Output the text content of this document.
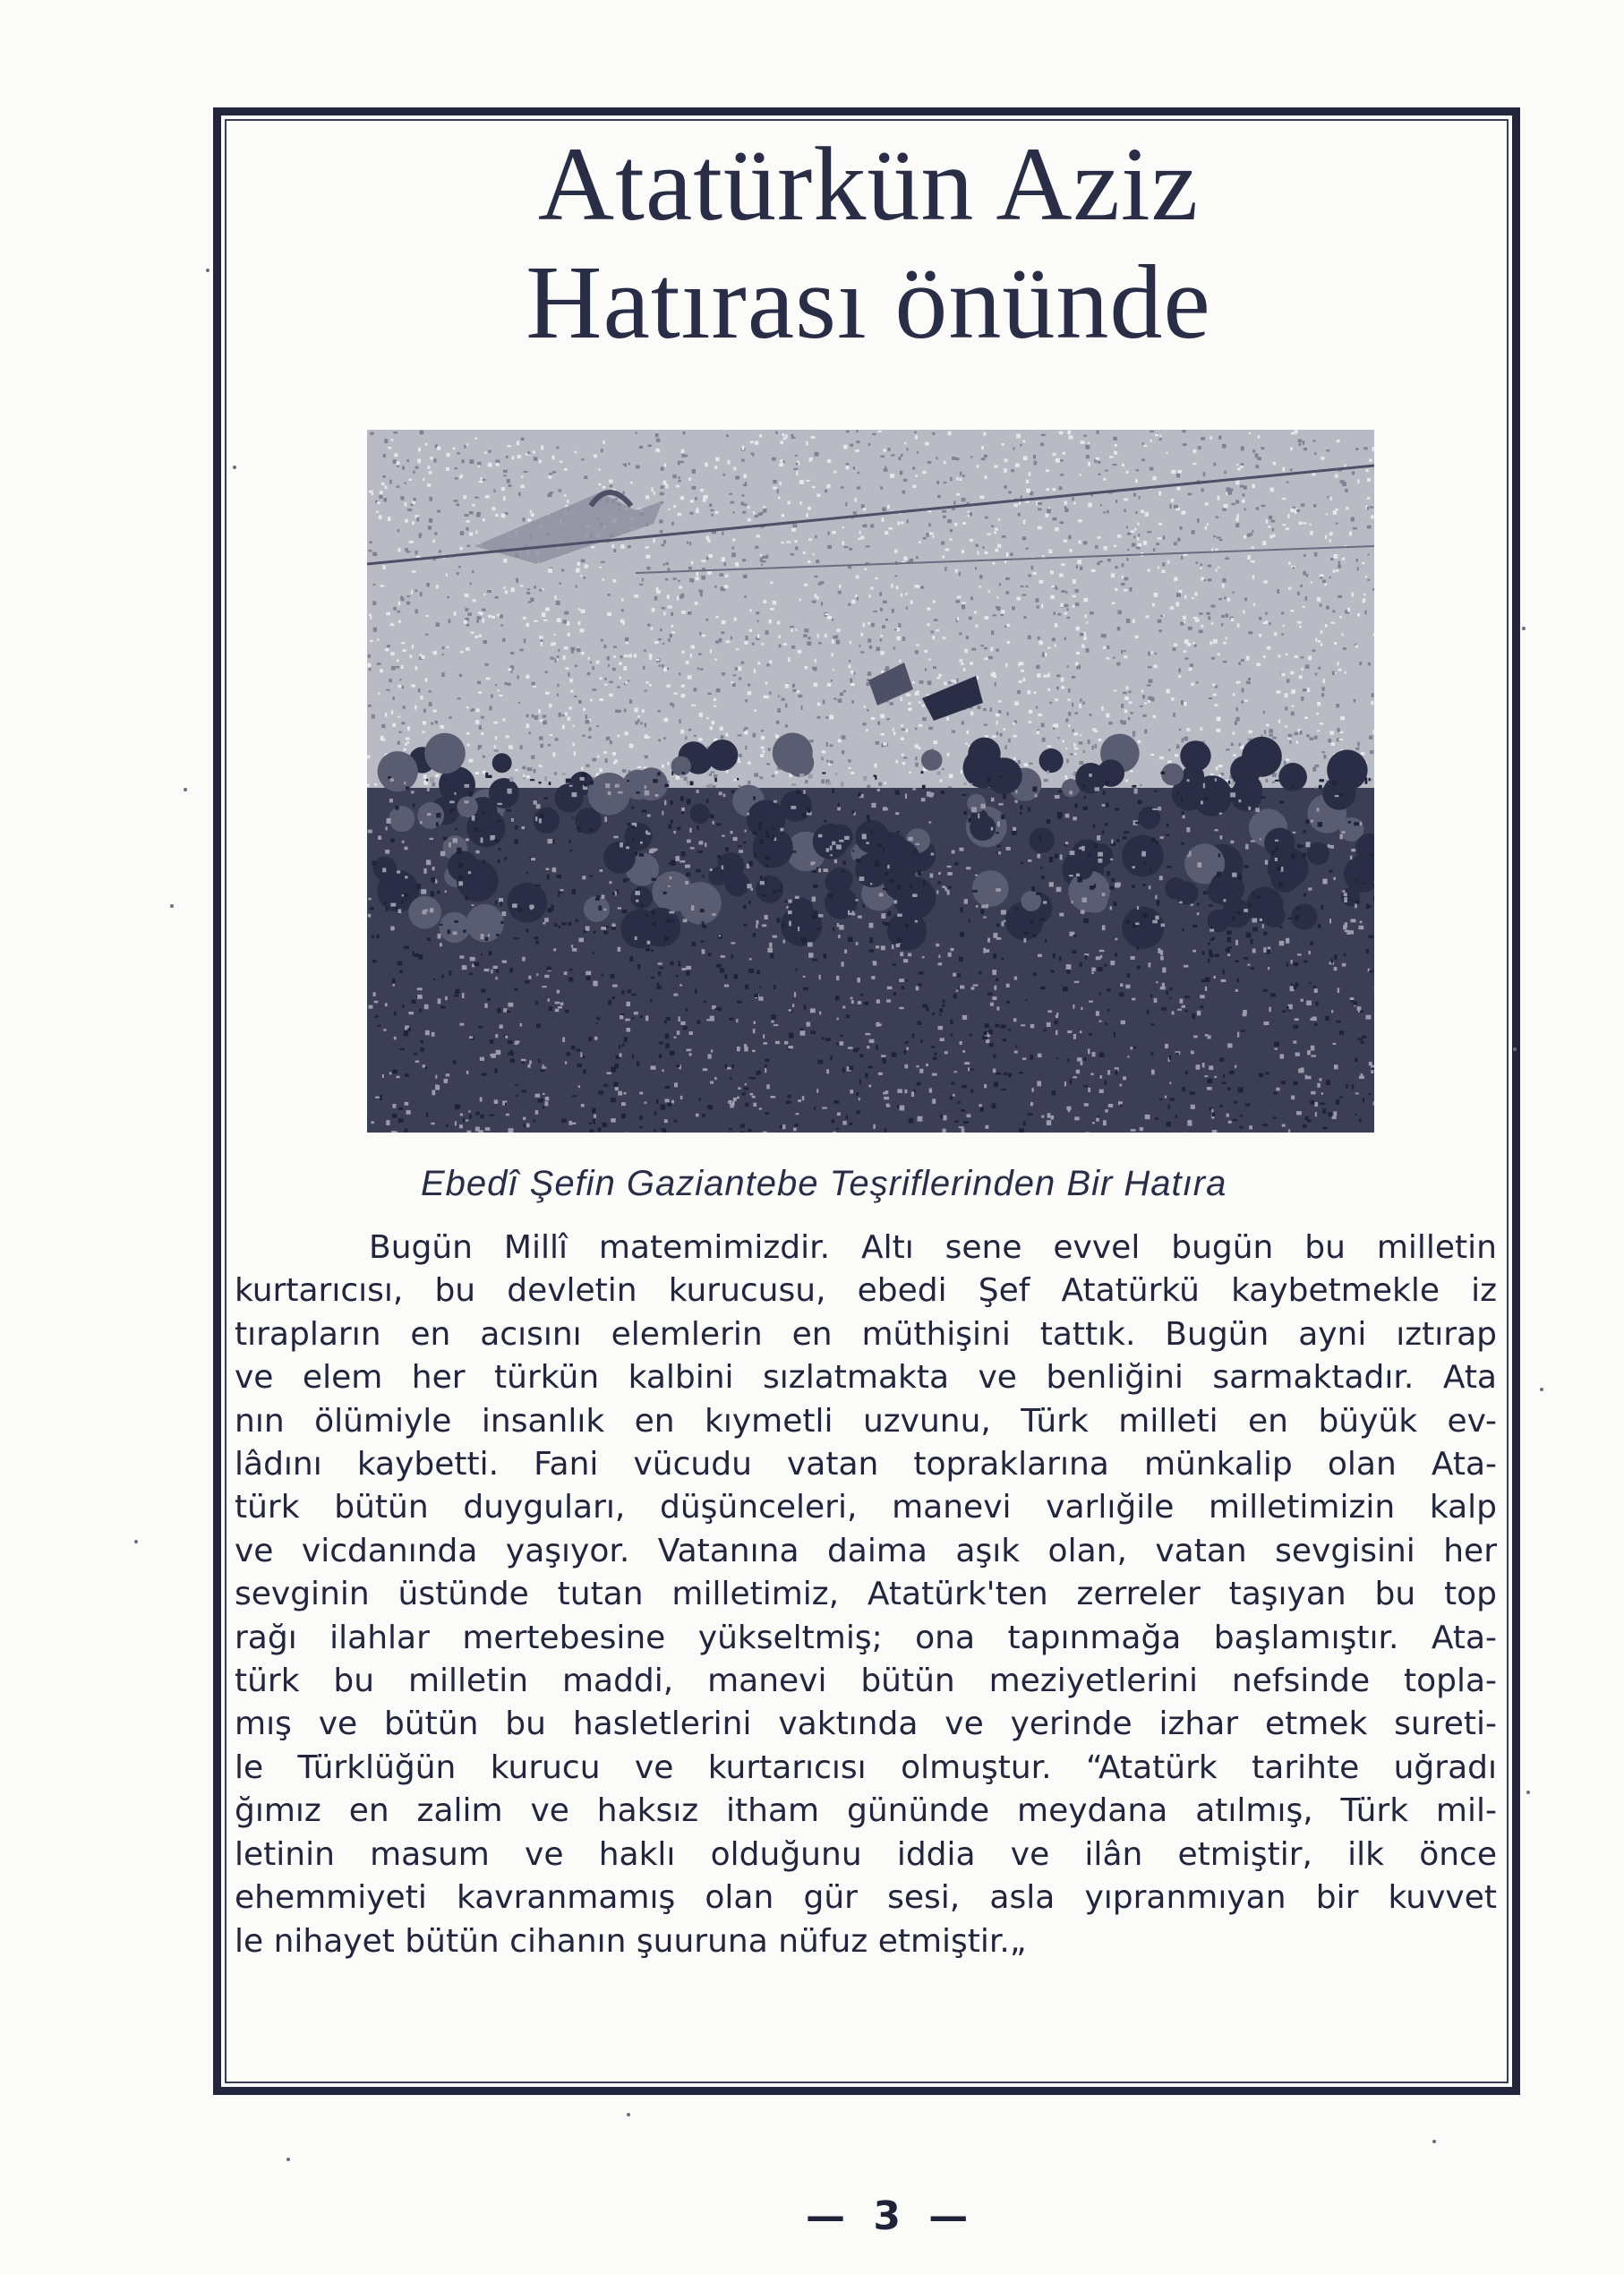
Atatürkün Aziz
Hatırası önünde
Ebedî Şefin Gaziantebe Teşriflerinden Bir Hatıra
Bugün Millî matemimizdir. Altı sene evvel bugün bu milletin
kurtarıcısı, bu devletin kurucusu, ebedi Şef Atatürkü kaybetmekle iz
tırapların en acısını elemlerin en müthişini tattık. Bugün ayni ıztırap
ve elem her türkün kalbini sızlatmakta ve benliğini sarmaktadır. Ata
nın ölümiyle insanlık en kıymetli uzvunu, Türk milleti en büyük ev-
lâdını kaybetti. Fani vücudu vatan topraklarına münkalip olan Ata-
türk bütün duyguları, düşünceleri, manevi varlığile milletimizin kalp
ve vicdanında yaşıyor. Vatanına daima aşık olan, vatan sevgisini her
sevginin üstünde tutan milletimiz, Atatürk'ten zerreler taşıyan bu top
rağı ilahlar mertebesine yükseltmiş; ona tapınmağa başlamıştır. Ata-
türk bu milletin maddi, manevi bütün meziyetlerini nefsinde topla-
mış ve bütün bu hasletlerini vaktında ve yerinde izhar etmek sureti-
le Türklüğün kurucu ve kurtarıcısı olmuştur. “Atatürk tarihte uğradı
ğımız en zalim ve haksız itham gününde meydana atılmış, Türk mil-
letinin masum ve haklı olduğunu iddia ve ilân etmiştir, ilk önce
ehemmiyeti kavranmamış olan gür sesi, asla yıpranmıyan bir kuvvet
le nihayet bütün cihanın şuuruna nüfuz etmiştir.„
— 3 —
